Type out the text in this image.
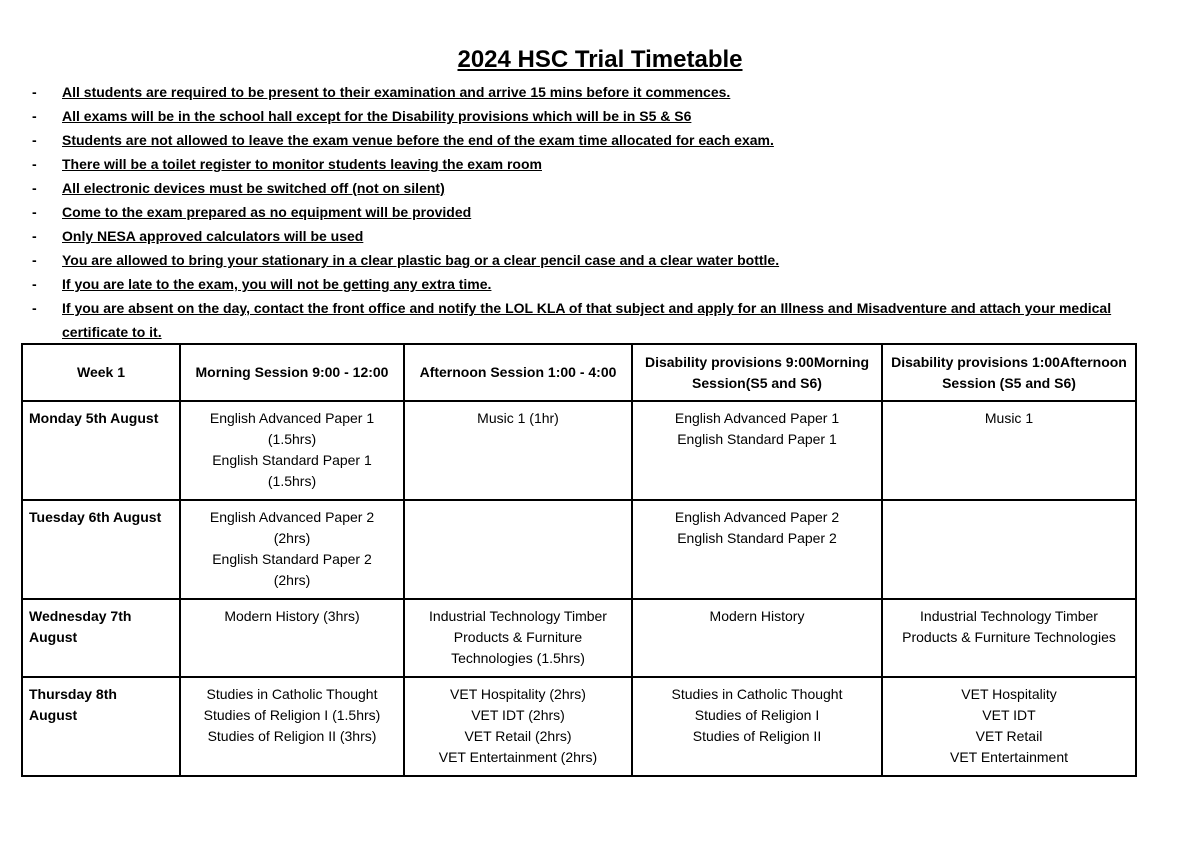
2024 HSC Trial Timetable
- All students are required to be present to their examination and arrive 15 mins before it commences.
- All exams will be in the school hall except for the Disability provisions which will be in S5 & S6
- Students are not allowed to leave the exam venue before the end of the exam time allocated for each exam.
- There will be a toilet register to monitor students leaving the exam room
- All electronic devices must be switched off (not on silent)
- Come to the exam prepared as no equipment will be provided
- Only NESA approved calculators will be used
- You are allowed to bring your stationary in a clear plastic bag or a clear pencil case and a clear water bottle.
- If you are late to the exam, you will not be getting any extra time.
- If you are absent on the day, contact the front office and notify the LOL KLA of that subject and apply for an Illness and Misadventure and attach your medical certificate to it.
Week 1	Morning Session 9:00 - 12:00	Afternoon Session 1:00 - 4:00	Disability provisions 9:00Morning Session(S5 and S6)	Disability provisions 1:00Afternoon Session (S5 and S6)

Monday 5th August	English Advanced Paper 1
(1.5hrs)
English Standard Paper 1
(1.5hrs)	Music 1 (1hr)	English Advanced Paper 1
English Standard Paper 1	Music 1

Tuesday 6th August	English Advanced Paper 2
(2hrs)
English Standard Paper 2
(2hrs)		English Advanced Paper 2
English Standard Paper 2	

Wednesday 7th
August	Modern History (3hrs)	Industrial Technology Timber
Products & Furniture
Technologies (1.5hrs)	Modern History	Industrial Technology Timber
Products & Furniture Technologies

Thursday 8th
August	Studies in Catholic Thought
Studies of Religion I (1.5hrs)
Studies of Religion II (3hrs)	VET Hospitality (2hrs)
VET IDT (2hrs)
VET Retail (2hrs)
VET Entertainment (2hrs)	Studies in Catholic Thought
Studies of Religion I
Studies of Religion II	VET Hospitality
VET IDT
VET Retail
VET Entertainment
